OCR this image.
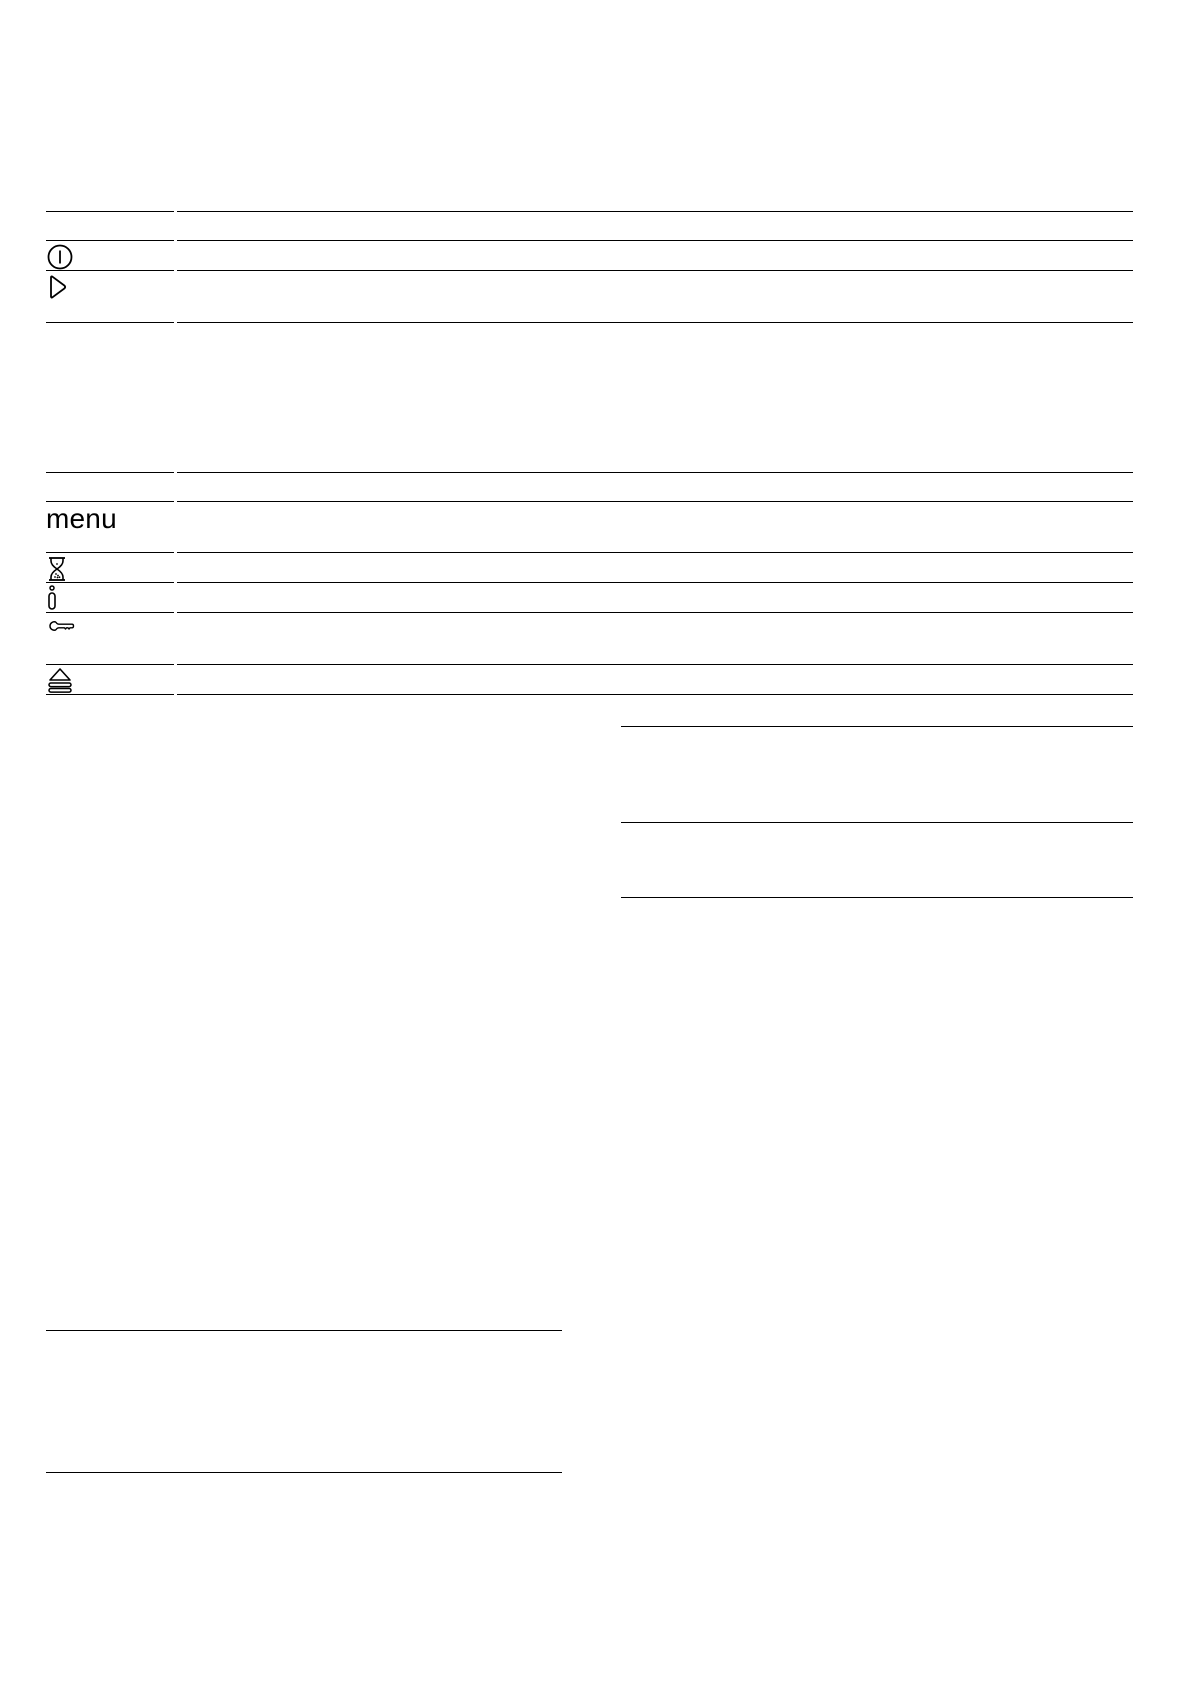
menu
